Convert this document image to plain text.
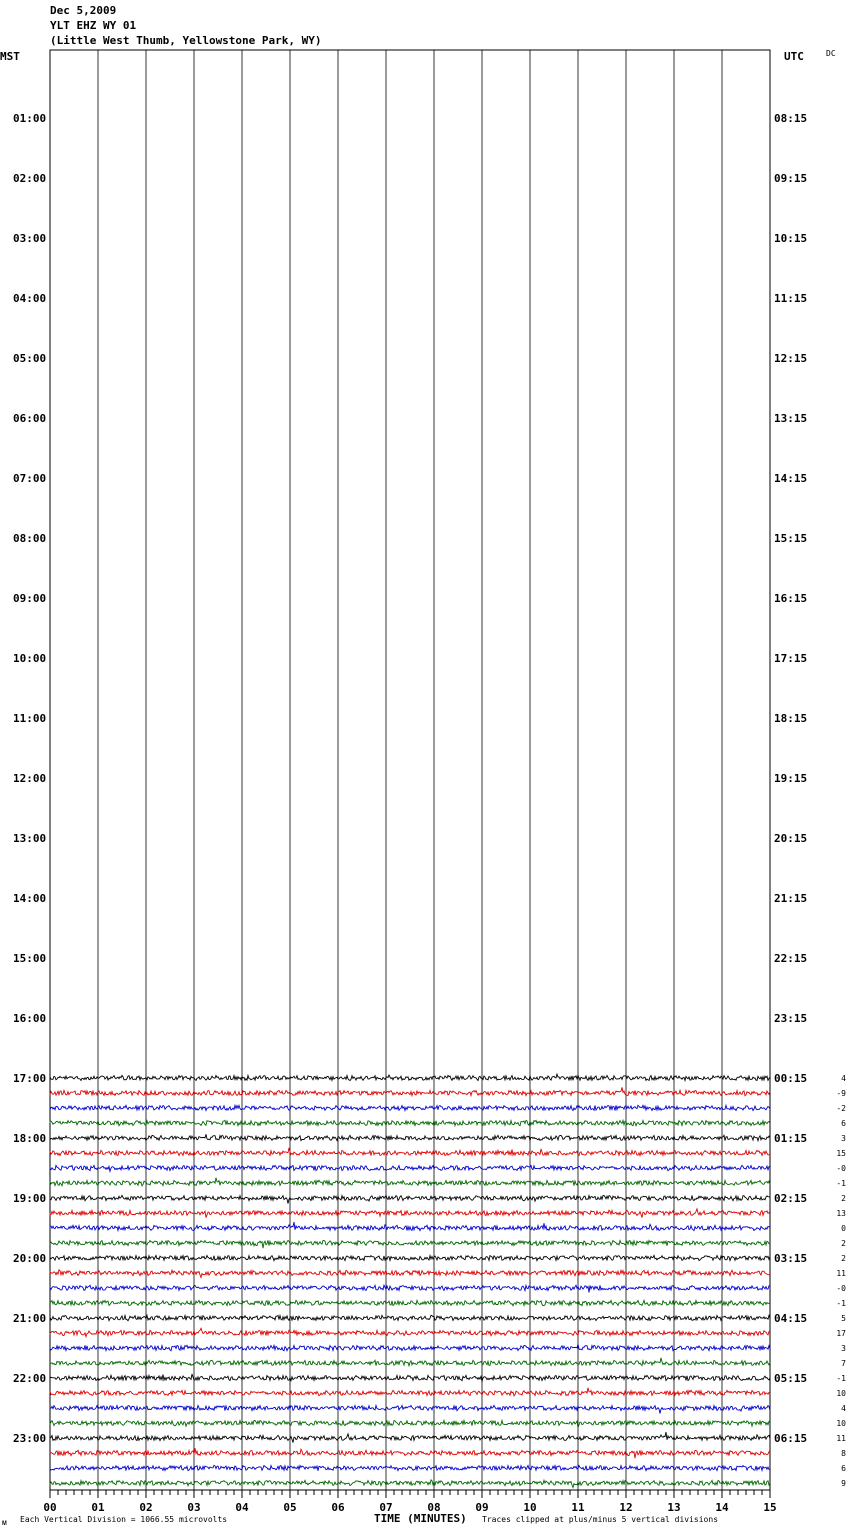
Dec 5,2009
YLT EHZ WY 01
(Little West Thumb, Yellowstone Park, WY)
MST	UTC	DC
01:00	08:15
02:00	09:15
03:00	10:15
04:00	11:15
05:00	12:15
06:00	13:15
07:00	14:15
08:00	15:15
09:00	16:15
10:00	17:15
11:00	18:15
12:00	19:15
13:00	20:15
14:00	21:15
15:00	22:15
16:00	23:15
17:00	00:15
18:00	01:15
19:00	02:15
20:00	03:15
21:00	04:15
22:00	05:15
23:00	06:15
4
-9
-2
6
3
15
-0
-1
2
13
0
2
2
11
-0
-1
5
17
3
7
-1
10
4
10
11
8
6
9
00	01	02	03	04	05	06	07	08	09	10	11	12	13	14	15
ᴍ Each Vertical Division = 1066.55 microvolts	TIME (MINUTES) Traces clipped at plus/minus 5 vertical divisions
